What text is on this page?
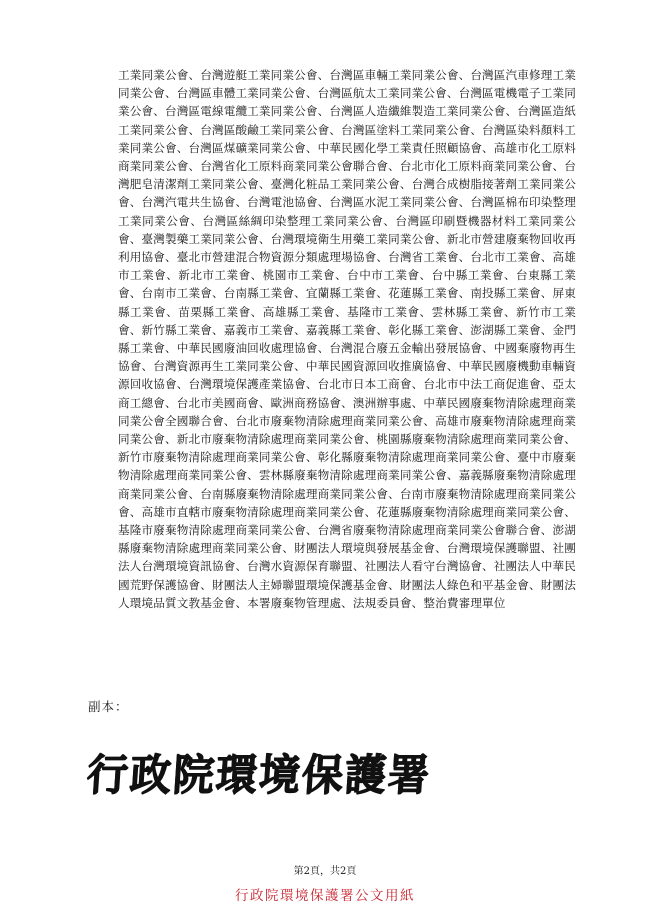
工業同業公會、台灣遊艇工業同業公會、台灣區車輛工業同業公會、台灣區汽車修理工業同業公會、台灣區車體工業同業公會、台灣區航太工業同業公會、台灣區電機電子工業同業公會、台灣區電線電纜工業同業公會、台灣區人造纖維製造工業同業公會、台灣區造紙工業同業公會、台灣區酸鹼工業同業公會、台灣區塗料工業同業公會、台灣區染料顏料工業同業公會、台灣區煤礦業同業公會、中華民國化學工業責任照顧協會、高雄市化工原料商業同業公會、台灣省化工原料商業同業公會聯合會、台北市化工原料商業同業公會、台灣肥皂清潔劑工業同業公會、臺灣化粧品工業同業公會、台灣合成樹脂接著劑工業同業公會、台灣汽電共生協會、台灣電池協會、台灣區水泥工業同業公會、台灣區棉布印染整理工業同業公會、台灣區絲綢印染整理工業同業公會、台灣區印刷暨機器材料工業同業公會、臺灣製藥工業同業公會、台灣環境衛生用藥工業同業公會、新北市營建廢棄物回收再利用協會、臺北市營建混合物資源分類處理場協會、台灣省工業會、台北市工業會、高雄市工業會、新北市工業會、桃園市工業會、台中市工業會、台中縣工業會、台東縣工業會、台南市工業會、台南縣工業會、宜蘭縣工業會、花蓮縣工業會、南投縣工業會、屏東縣工業會、苗栗縣工業會、高雄縣工業會、基隆市工業會、雲林縣工業會、新竹市工業會、新竹縣工業會、嘉義市工業會、嘉義縣工業會、彰化縣工業會、澎湖縣工業會、金門縣工業會、中華民國廢油回收處理協會、台灣混合廢五金輸出發展協會、中國棄廢物再生協會、台灣資源再生工業同業公會、中華民國資源回收推廣協會、中華民國廢機動車輛資源回收協會、台灣環境保護產業協會、台北市日本工商會、台北市中法工商促進會、亞太商工總會、台北市美國商會、歐洲商務協會、澳洲辦事處、中華民國廢棄物清除處理商業同業公會全國聯合會、台北市廢棄物清除處理商業同業公會、高雄市廢棄物清除處理商業同業公會、新北市廢棄物清除處理商業同業公會、桃園縣廢棄物清除處理商業同業公會、新竹市廢棄物清除處理商業同業公會、彰化縣廢棄物清除處理商業同業公會、臺中市廢棄物清除處理商業同業公會、雲林縣廢棄物清除處理商業同業公會、嘉義縣廢棄物清除處理商業同業公會、台南縣廢棄物清除處理商業同業公會、台南市廢棄物清除處理商業同業公會、高雄市直轄市廢棄物清除處理商業同業公會、花蓮縣廢棄物清除處理商業同業公會、基隆市廢棄物清除處理商業同業公會、台灣省廢棄物清除處理商業同業公會聯合會、澎湖縣廢棄物清除處理商業同業公會、財團法人環境與發展基金會、台灣環境保護聯盟、社團法人台灣環境資訊協會、台灣水資源保育聯盟、社團法人看守台灣協會、社團法人中華民國荒野保護協會、財團法人主婦聯盟環境保護基金會、財團法人綠色和平基金會、財團法人環境品質文教基金會、本署廢棄物管理處、法規委員會、整治費審理單位

副本：
行政院環境保護署
第2頁，共2頁
行政院環境保護署公文用紙
